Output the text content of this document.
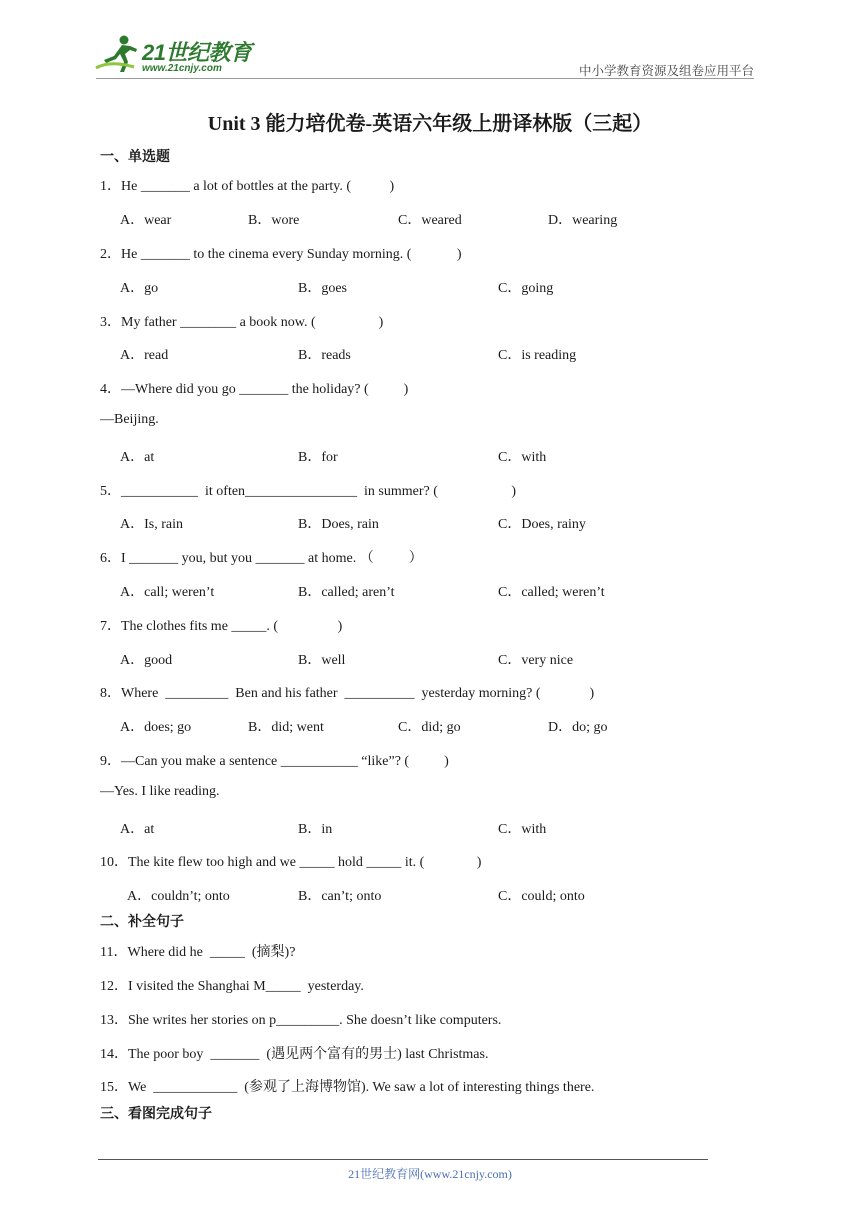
21世纪教育
www.21cnjy.com	中小学教育资源及组卷应用平台
Unit 3 能力培优卷-英语六年级上册译林版（三起）
一、单选题
1．He _______ a lot of bottles at the party. (           )
A．wear	B．wore	C．weared	D．wearing
2．He _______ to the cinema every Sunday morning. (             )
A．go	B．goes	C．going
3．My father ________ a book now. (                  )
A．read	B．reads	C．is reading
4．—Where did you go _______ the holiday? (          )
—Beijing.
A．at	B．for	C．with
5．___________  it often________________  in summer? (                     )
A．Is, rain	B．Does, rain	C．Does, rainy
6．I _______ you, but you _______ at home. （          ）
A．call; weren’t	B．called; aren’t	C．called; weren’t
7．The clothes fits me _____. (                 )
A．good	B．well	C．very nice
8．Where  _________  Ben and his father  __________  yesterday morning? (              )
A．does; go	B．did; went	C．did; go	D．do; go
9．—Can you make a sentence ___________ “like”? (          )
—Yes. I like reading.
A．at	B．in	C．with
10．The kite flew too high and we _____ hold _____ it. (               )
A．couldn’t; onto	B．can’t; onto	C．could; onto
二、补全句子
11．Where did he  _____  (摘梨)?
12．I visited the Shanghai M_____  yesterday.
13．She writes her stories on p_________. She doesn’t like computers.
14．The poor boy  _______  (遇见两个富有的男士) last Christmas.
15．We  ____________  (参观了上海博物馆). We saw a lot of interesting things there.
三、看图完成句子
21世纪教育网(www.21cnjy.com)
